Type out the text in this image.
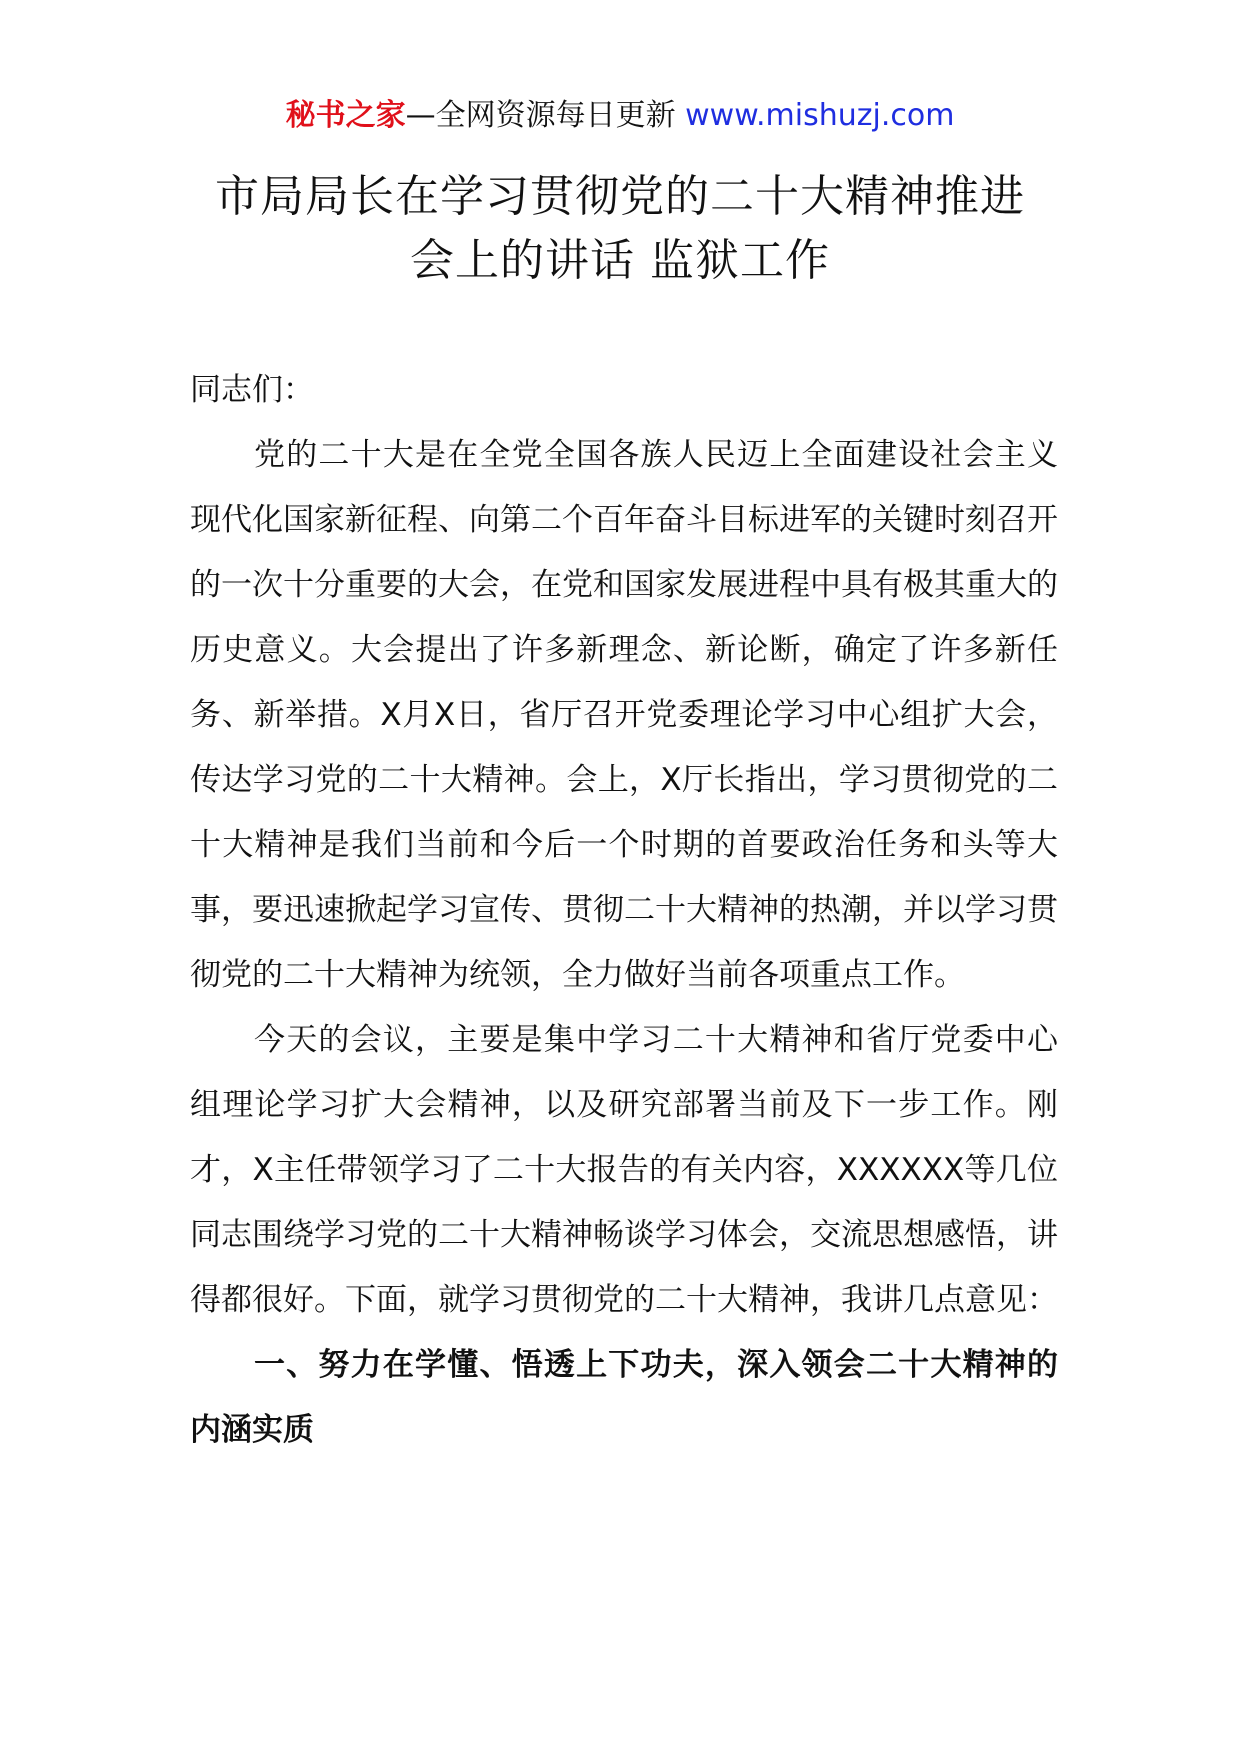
秘书之家—全网资源每日更新 www.mishuzj.com
市局局长在学习贯彻党的二十大精神推进
会上的讲话 监狱工作

同志们：

党的二十大是在全党全国各族人民迈上全面建设社会主义现代化国家新征程、向第二个百年奋斗目标进军的关键时刻召开的一次十分重要的大会，在党和国家发展进程中具有极其重大的历史意义。大会提出了许多新理念、新论断，确定了许多新任务、新举措。X月X日，省厅召开党委理论学习中心组扩大会，传达学习党的二十大精神。会上，X厅长指出，学习贯彻党的二十大精神是我们当前和今后一个时期的首要政治任务和头等大事，要迅速掀起学习宣传、贯彻二十大精神的热潮，并以学习贯彻党的二十大精神为统领，全力做好当前各项重点工作。

今天的会议，主要是集中学习二十大精神和省厅党委中心组理论学习扩大会精神，以及研究部署当前及下一步工作。刚才，X主任带领学习了二十大报告的有关内容，XXXXXX等几位同志围绕学习党的二十大精神畅谈学习体会，交流思想感悟，讲得都很好。下面，就学习贯彻党的二十大精神，我讲几点意见：

一、努力在学懂、悟透上下功夫，深入领会二十大精神的内涵实质
